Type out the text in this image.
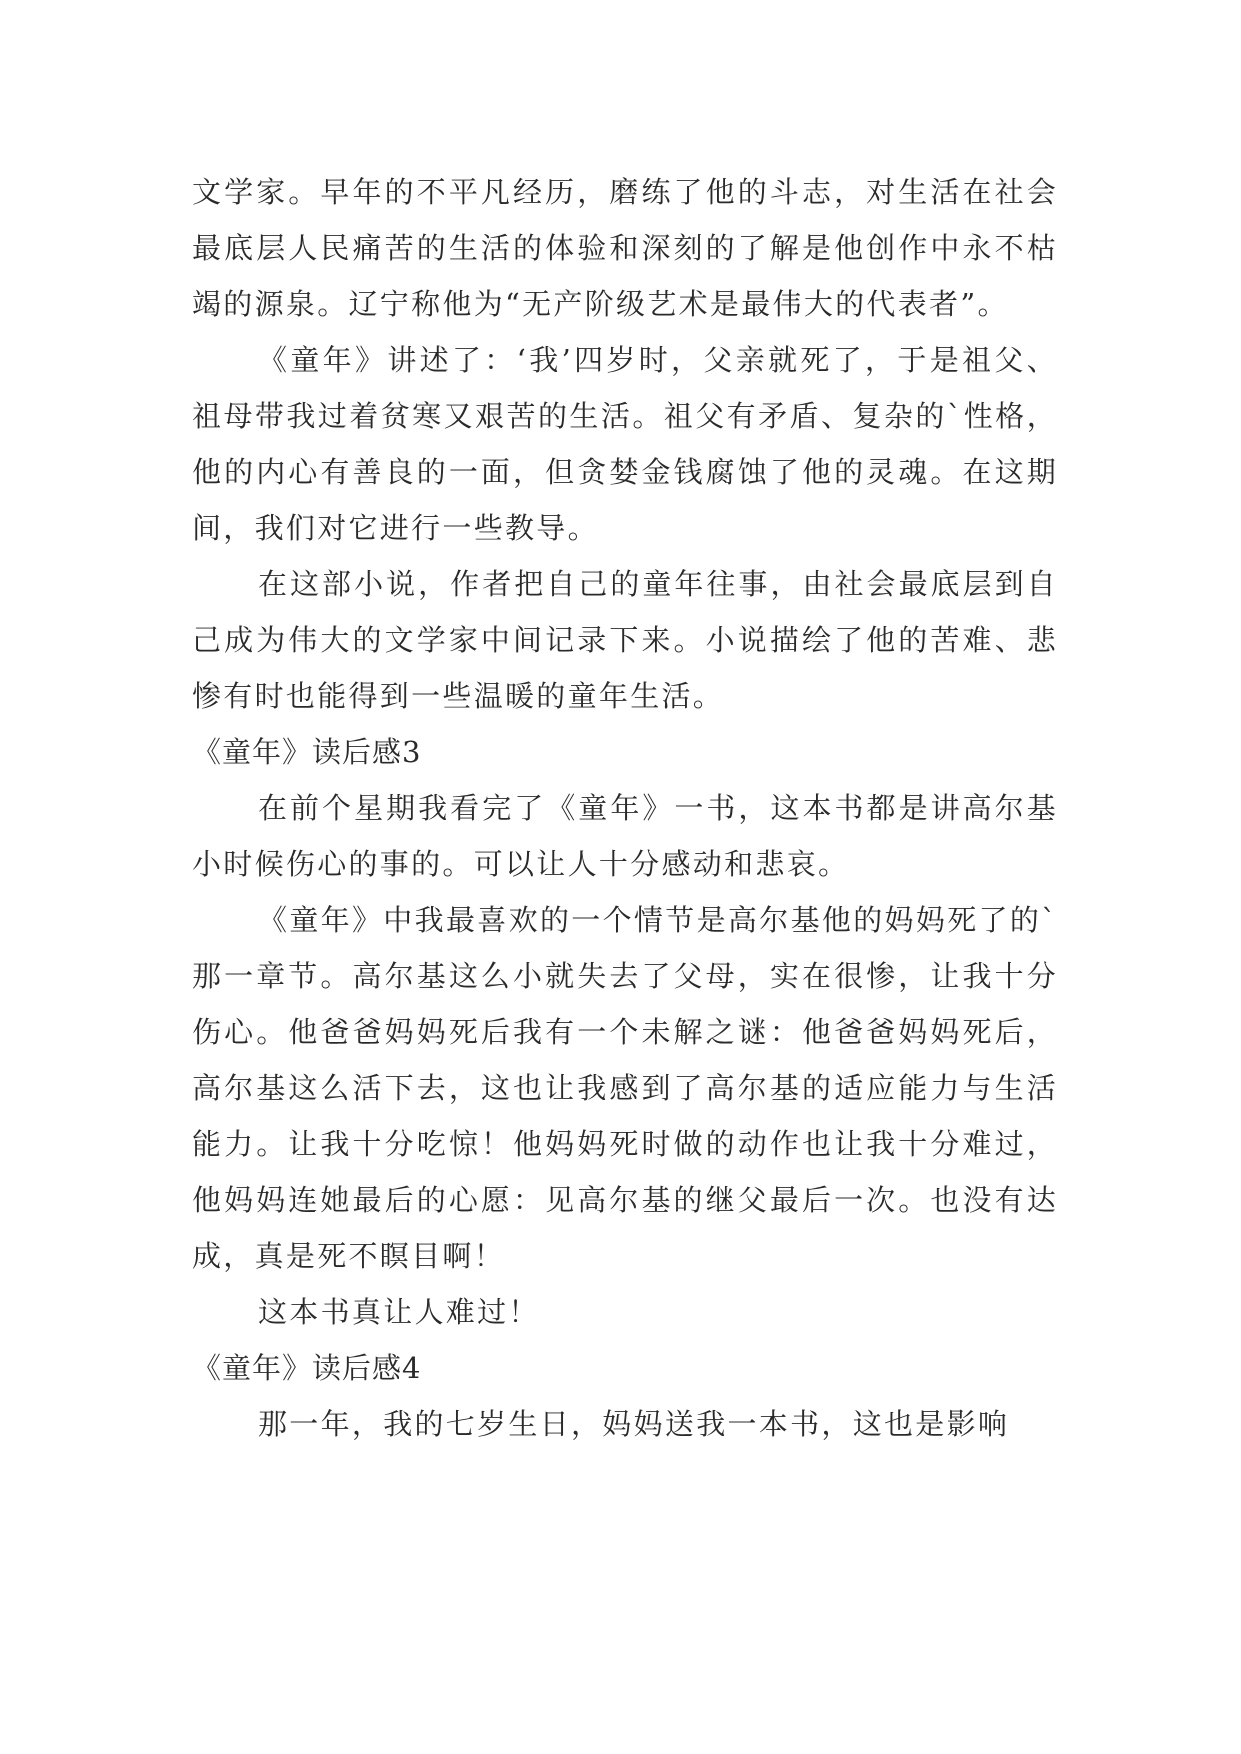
文学家。早年的不平凡经历，磨练了他的斗志，对生活在社会最底层人民痛苦的生活的体验和深刻的了解是他创作中永不枯竭的源泉。辽宁称他为“无产阶级艺术是最伟大的代表者”。

《童年》讲述了：‘我’四岁时，父亲就死了，于是祖父、祖母带我过着贫寒又艰苦的生活。祖父有矛盾、复杂的`性格，他的内心有善良的一面，但贪婪金钱腐蚀了他的灵魂。在这期间，我们对它进行一些教导。

在这部小说，作者把自己的童年往事，由社会最底层到自己成为伟大的文学家中间记录下来。小说描绘了他的苦难、悲惨有时也能得到一些温暖的童年生活。

《童年》读后感3

在前个星期我看完了《童年》一书，这本书都是讲高尔基小时候伤心的事的。可以让人十分感动和悲哀。

《童年》中我最喜欢的一个情节是高尔基他的妈妈死了的`那一章节。高尔基这么小就失去了父母，实在很惨，让我十分伤心。他爸爸妈妈死后我有一个未解之谜：他爸爸妈妈死后，高尔基这么活下去，这也让我感到了高尔基的适应能力与生活能力。让我十分吃惊！他妈妈死时做的动作也让我十分难过，他妈妈连她最后的心愿：见高尔基的继父最后一次。也没有达成，真是死不瞑目啊！

这本书真让人难过！

《童年》读后感4

那一年，我的七岁生日，妈妈送我一本书，这也是影响
